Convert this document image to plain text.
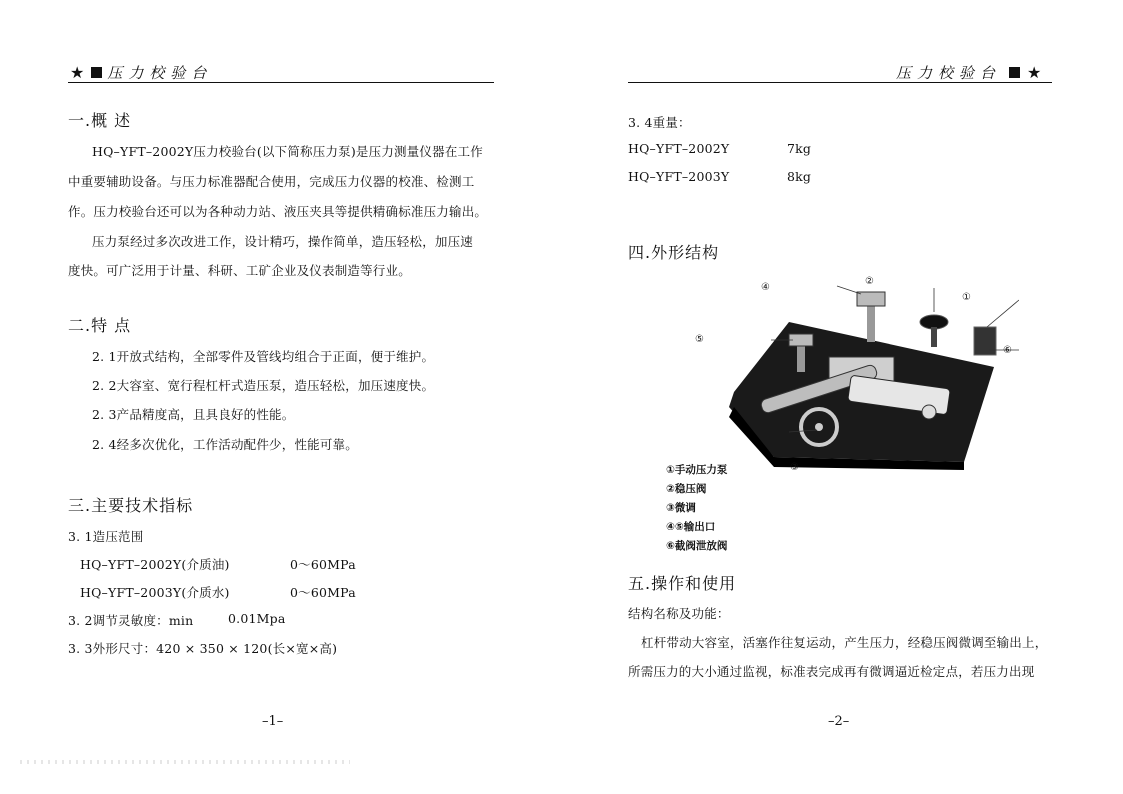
★ 压力校验台
一.概 述
HQ–YFT–2002Y压力校验台(以下简称压力泵)是压力测量仪器在工作
中重要辅助设备。与压力标准器配合使用，完成压力仪器的校准、检测工
作。压力校验台还可以为各种动力站、液压夹具等提供精确标准压力输出。
压力泵经过多次改进工作，设计精巧，操作简单，造压轻松，加压速
度快。可广泛用于计量、科研、工矿企业及仪表制造等行业。
二.特 点
2. 1开放式结构，全部零件及管线均组合于正面，便于维护。
2. 2大容室、宽行程杠杆式造压泵，造压轻松，加压速度快。
2. 3产品精度高，且具良好的性能。
2. 4经多次优化，工作活动配件少，性能可靠。
三.主要技术指标
3. 1造压范围
HQ–YFT–2002Y(介质油)	0～60MPa
HQ–YFT–2003Y(介质水)	0～60MPa
3. 2调节灵敏度：min	0.01Mpa
3. 3外形尺寸：420 × 350 × 120(长×宽×高)
–1–
压力校验台 ★
3. 4重量：
HQ–YFT–2002Y	7kg
HQ–YFT–2003Y	8kg
四.外形结构
①
②
③
④
⑤
⑥
①手动压力泵
②稳压阀
③微调
④⑤输出口
⑥截阀泄放阀
五.操作和使用
结构名称及功能：
杠杆带动大容室，活塞作往复运动，产生压力，经稳压阀微调至输出上，
所需压力的大小通过监视，标准表完成再有微调逼近检定点，若压力出现
–2–
